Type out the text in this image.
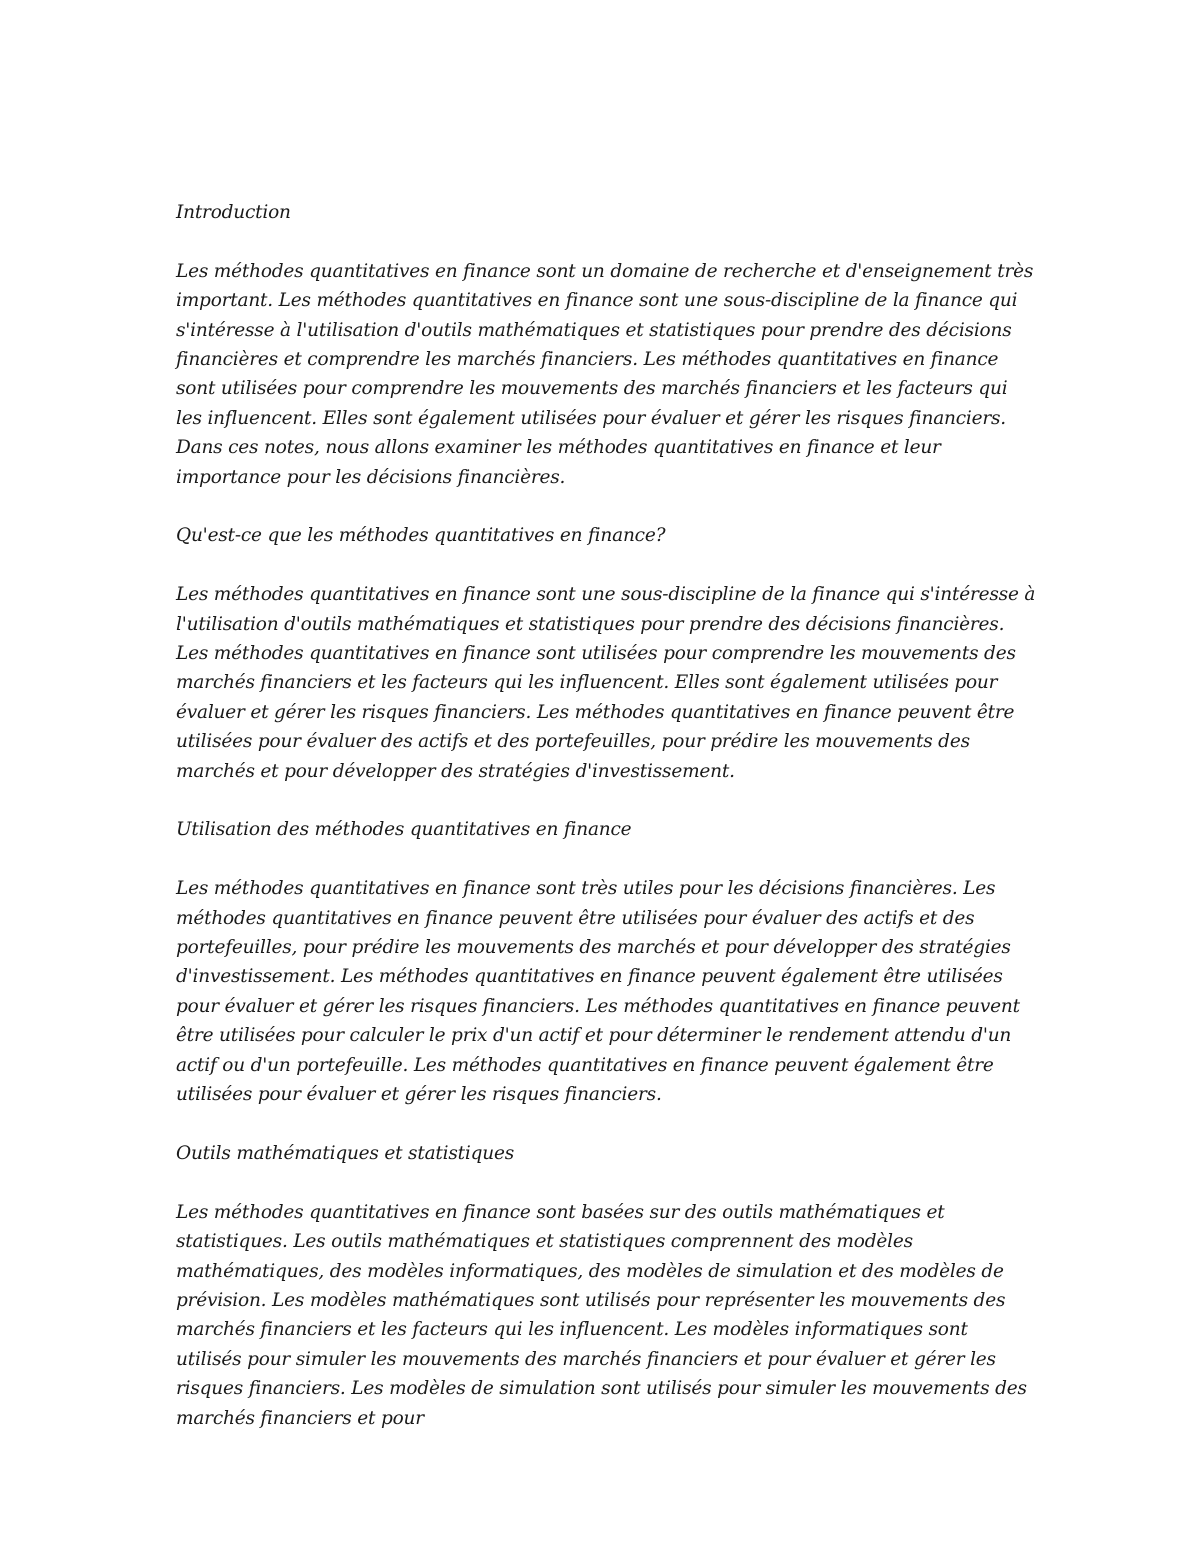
Introduction

Les méthodes quantitatives en finance sont un domaine de recherche et d'enseignement très important. Les méthodes quantitatives en finance sont une sous-discipline de la finance qui s'intéresse à l'utilisation d'outils mathématiques et statistiques pour prendre des décisions financières et comprendre les marchés financiers. Les méthodes quantitatives en finance sont utilisées pour comprendre les mouvements des marchés financiers et les facteurs qui les influencent. Elles sont également utilisées pour évaluer et gérer les risques financiers. Dans ces notes, nous allons examiner les méthodes quantitatives en finance et leur importance pour les décisions financières.

Qu'est-ce que les méthodes quantitatives en finance?

Les méthodes quantitatives en finance sont une sous-discipline de la finance qui s'intéresse à l'utilisation d'outils mathématiques et statistiques pour prendre des décisions financières. Les méthodes quantitatives en finance sont utilisées pour comprendre les mouvements des marchés financiers et les facteurs qui les influencent. Elles sont également utilisées pour évaluer et gérer les risques financiers. Les méthodes quantitatives en finance peuvent être utilisées pour évaluer des actifs et des portefeuilles, pour prédire les mouvements des marchés et pour développer des stratégies d'investissement.

Utilisation des méthodes quantitatives en finance

Les méthodes quantitatives en finance sont très utiles pour les décisions financières. Les méthodes quantitatives en finance peuvent être utilisées pour évaluer des actifs et des portefeuilles, pour prédire les mouvements des marchés et pour développer des stratégies d'investissement. Les méthodes quantitatives en finance peuvent également être utilisées pour évaluer et gérer les risques financiers. Les méthodes quantitatives en finance peuvent être utilisées pour calculer le prix d'un actif et pour déterminer le rendement attendu d'un actif ou d'un portefeuille. Les méthodes quantitatives en finance peuvent également être utilisées pour évaluer et gérer les risques financiers.

Outils mathématiques et statistiques

Les méthodes quantitatives en finance sont basées sur des outils mathématiques et statistiques. Les outils mathématiques et statistiques comprennent des modèles mathématiques, des modèles informatiques, des modèles de simulation et des modèles de prévision. Les modèles mathématiques sont utilisés pour représenter les mouvements des marchés financiers et les facteurs qui les influencent. Les modèles informatiques sont utilisés pour simuler les mouvements des marchés financiers et pour évaluer et gérer les risques financiers. Les modèles de simulation sont utilisés pour simuler les mouvements des marchés financiers et pour
